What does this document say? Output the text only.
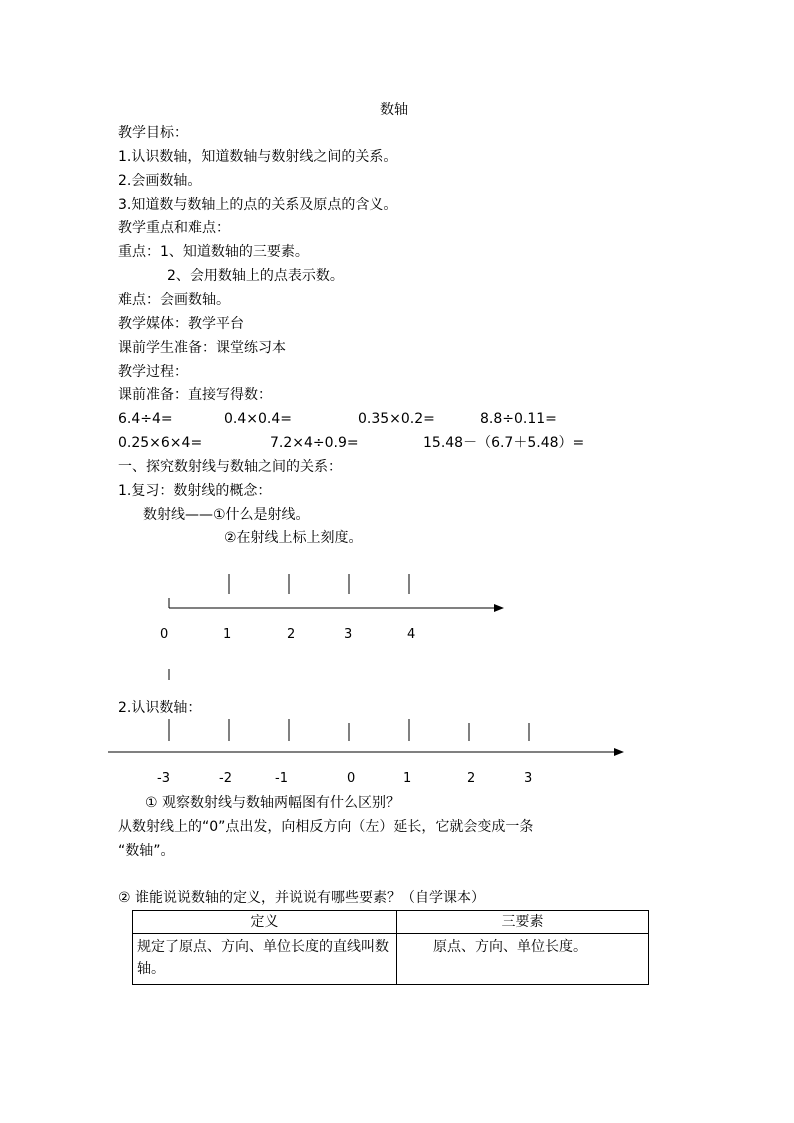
数轴
教学目标：
1.认识数轴，知道数轴与数射线之间的关系。
2.会画数轴。
3.知道数与数轴上的点的关系及原点的含义。
教学重点和难点：
重点：1、知道数轴的三要素。
2、会用数轴上的点表示数。
难点：会画数轴。
教学媒体：教学平台
课前学生准备：课堂练习本
教学过程：
课前准备：直接写得数：
6.4÷4=	0.4×0.4=	0.35×0.2=	8.8÷0.11=
0.25×6×4=	7.2×4÷0.9=	15.48－（6.7＋5.48）=
一、探究数射线与数轴之间的关系：
1.复习：数射线的概念：
数射线——①什么是射线。
②在射线上标上刻度。
0	1	2	3	4
2.认识数轴：
-3	-2	-1	0	1	2	3
① 观察数射线与数轴两幅图有什么区别？
从数射线上的“0”点出发，向相反方向（左）延长，它就会变成一条
“数轴”。
② 谁能说说数轴的定义，并说说有哪些要素？（自学课本）
定义	三要素
规定了原点、方向、单位长度的直线叫数轴。	原点、方向、单位长度。
